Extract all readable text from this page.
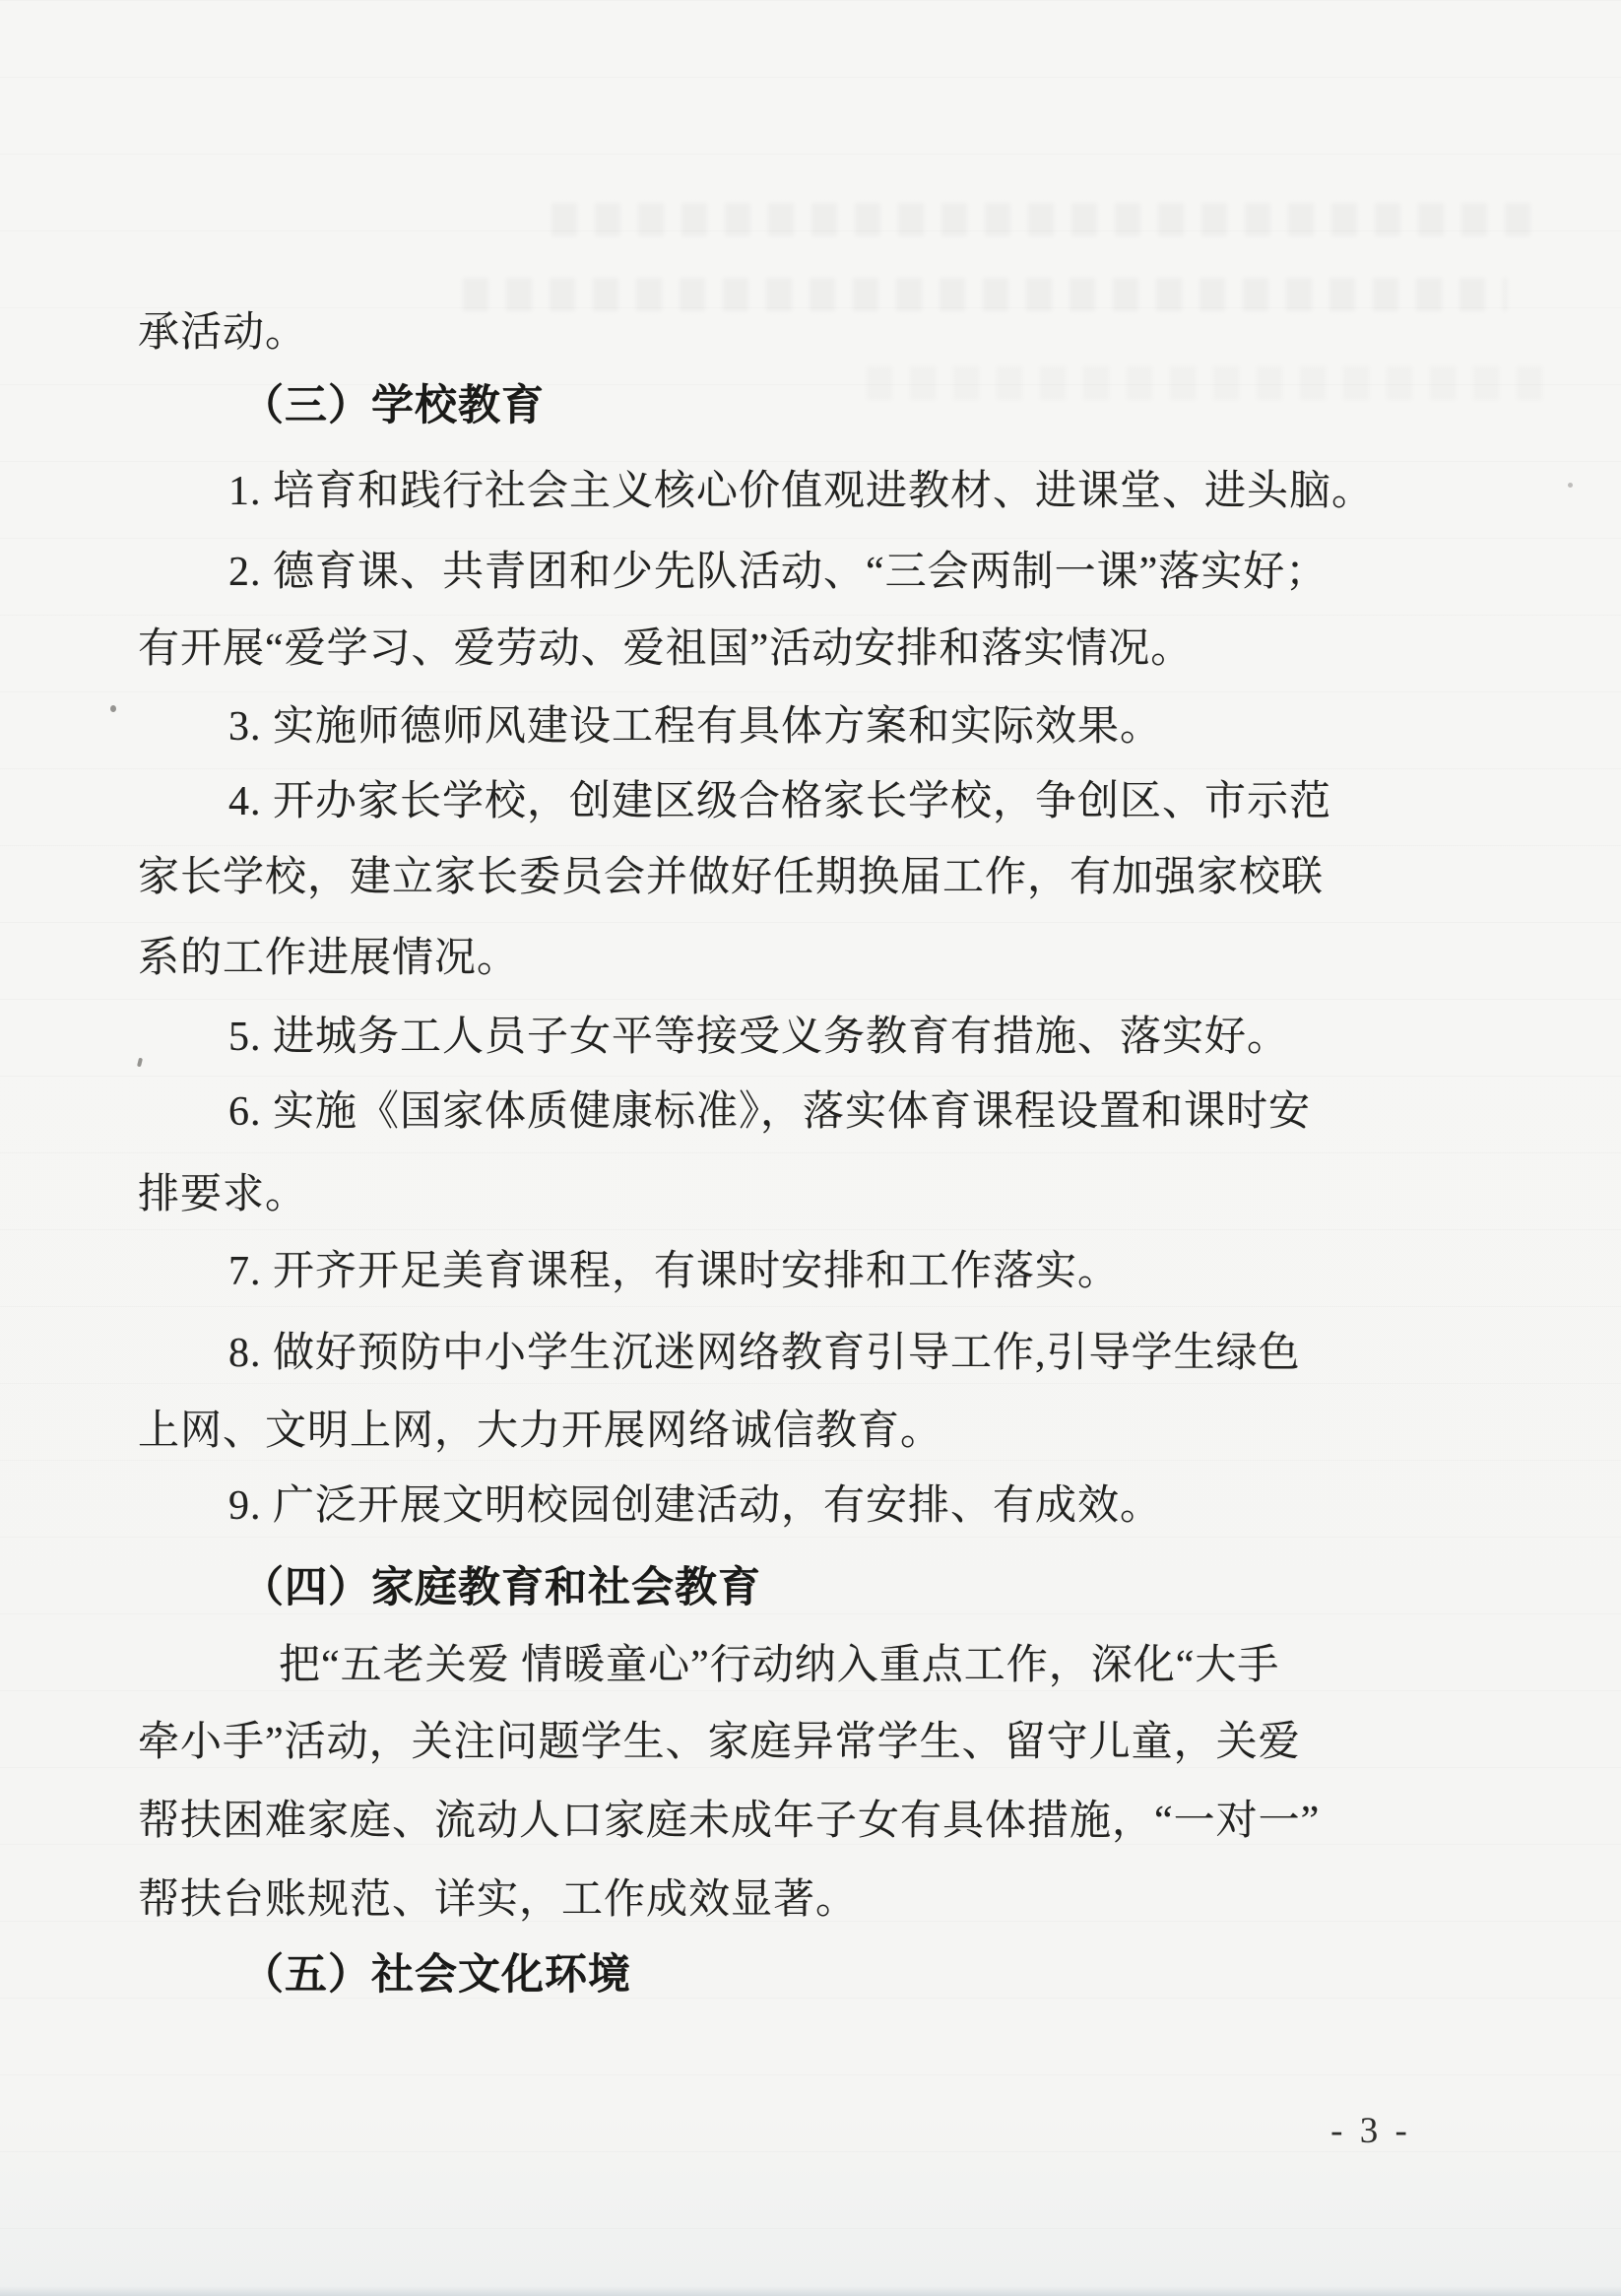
承活动。
（三）学校教育
1. 培育和践行社会主义核心价值观进教材、进课堂、进头脑。
2. 德育课、共青团和少先队活动、“三会两制一课”落实好；
有开展“爱学习、爱劳动、爱祖国”活动安排和落实情况。
3. 实施师德师风建设工程有具体方案和实际效果。
4. 开办家长学校，创建区级合格家长学校，争创区、市示范
家长学校，建立家长委员会并做好任期换届工作，有加强家校联
系的工作进展情况。
5. 进城务工人员子女平等接受义务教育有措施、落实好。
6. 实施《国家体质健康标准》，落实体育课程设置和课时安
排要求。
7. 开齐开足美育课程，有课时安排和工作落实。
8. 做好预防中小学生沉迷网络教育引导工作,引导学生绿色
上网、文明上网，大力开展网络诚信教育。
9. 广泛开展文明校园创建活动，有安排、有成效。
（四）家庭教育和社会教育
把“五老关爱 情暖童心”行动纳入重点工作，深化“大手
牵小手”活动，关注问题学生、家庭异常学生、留守儿童，关爱
帮扶困难家庭、流动人口家庭未成年子女有具体措施，“一对一”
帮扶台账规范、详实，工作成效显著。
（五）社会文化环境
- 3 -
